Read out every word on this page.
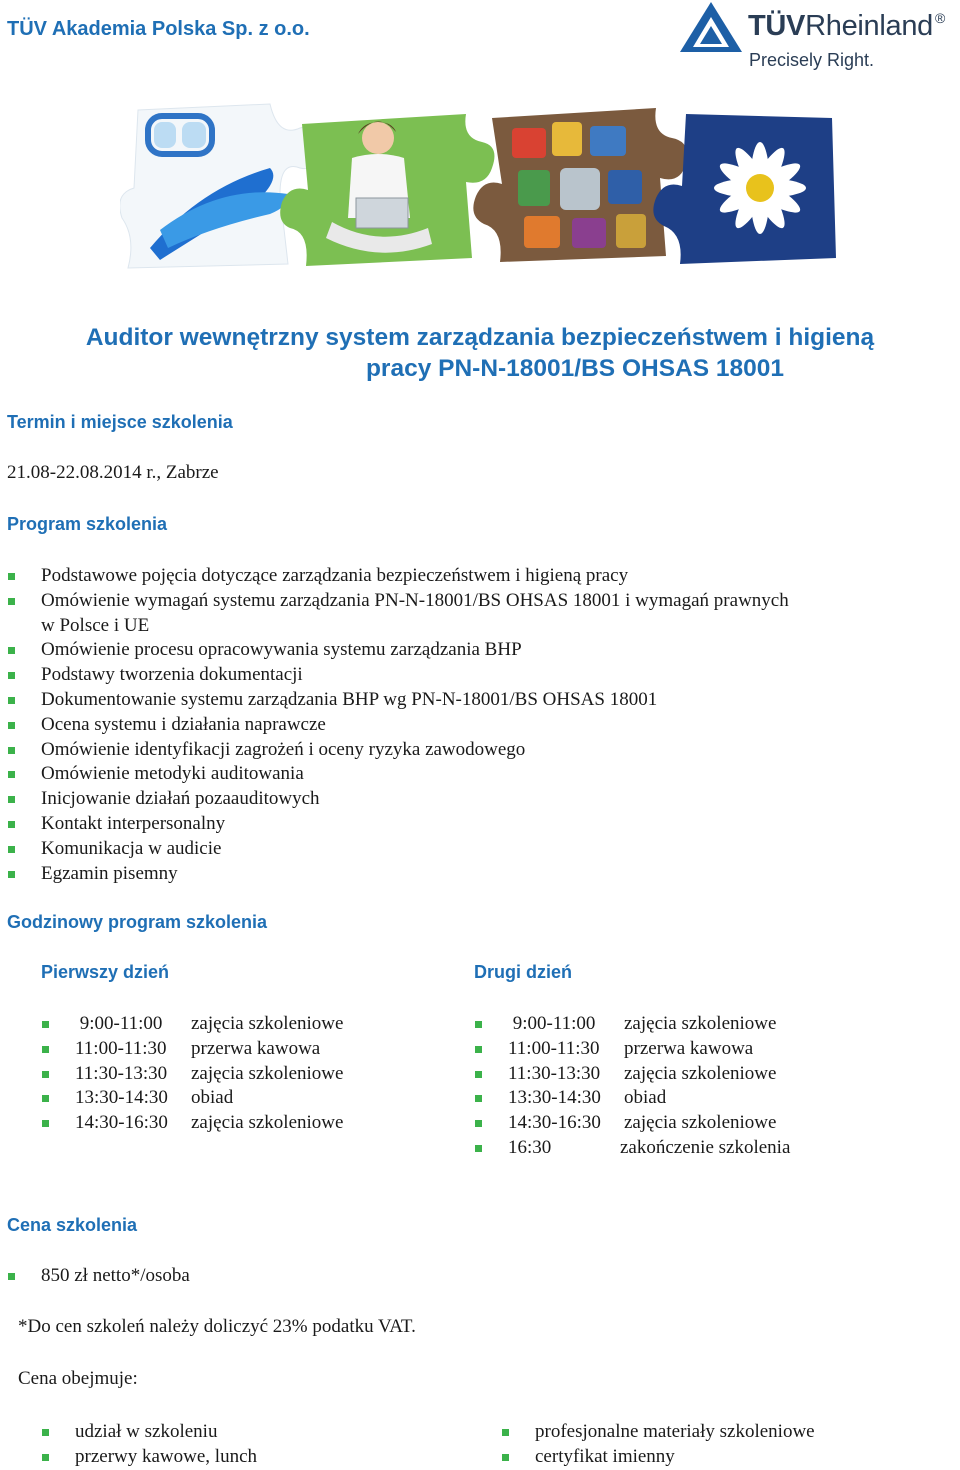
TÜV Akademia Polska Sp. z o.o.	TÜVRheinland ®
Precisely Right.
Auditor wewnętrzny system zarządzania bezpieczeństwem i higieną
pracy PN-N-18001/BS OHSAS 18001
Termin i miejsce szkolenia
21.08-22.08.2014 r., Zabrze
Program szkolenia
Podstawowe pojęcia dotyczące zarządzania bezpieczeństwem i higieną pracy
Omówienie wymagań systemu zarządzania PN-N-18001/BS OHSAS 18001 i wymagań prawnych
w Polsce i UE
Omówienie procesu opracowywania systemu zarządzania BHP
Podstawy tworzenia dokumentacji
Dokumentowanie systemu zarządzania BHP wg PN-N-18001/BS OHSAS 18001
Ocena systemu i działania naprawcze
Omówienie identyfikacji zagrożeń i oceny ryzyka zawodowego
Omówienie metodyki auditowania
Inicjowanie działań pozaauditowych
Kontakt interpersonalny
Komunikacja w audicie
Egzamin pisemny
Godzinowy program szkolenia
Pierwszy dzień	Drugi dzień
9:00-11:00 zajęcia szkoleniowe
11:00-11:30 przerwa kawowa
11:30-13:30 zajęcia szkoleniowe
13:30-14:30 obiad
14:30-16:30 zajęcia szkoleniowe
9:00-11:00 zajęcia szkoleniowe
11:00-11:30 przerwa kawowa
11:30-13:30 zajęcia szkoleniowe
13:30-14:30 obiad
14:30-16:30 zajęcia szkoleniowe
16:30	zakończenie szkolenia
Cena szkolenia
850 zł netto*/osoba
*Do cen szkoleń należy doliczyć 23% podatku VAT.
Cena obejmuje:
udział w szkoleniu
przerwy kawowe, lunch
profesjonalne materiały szkoleniowe
certyfikat imienny
